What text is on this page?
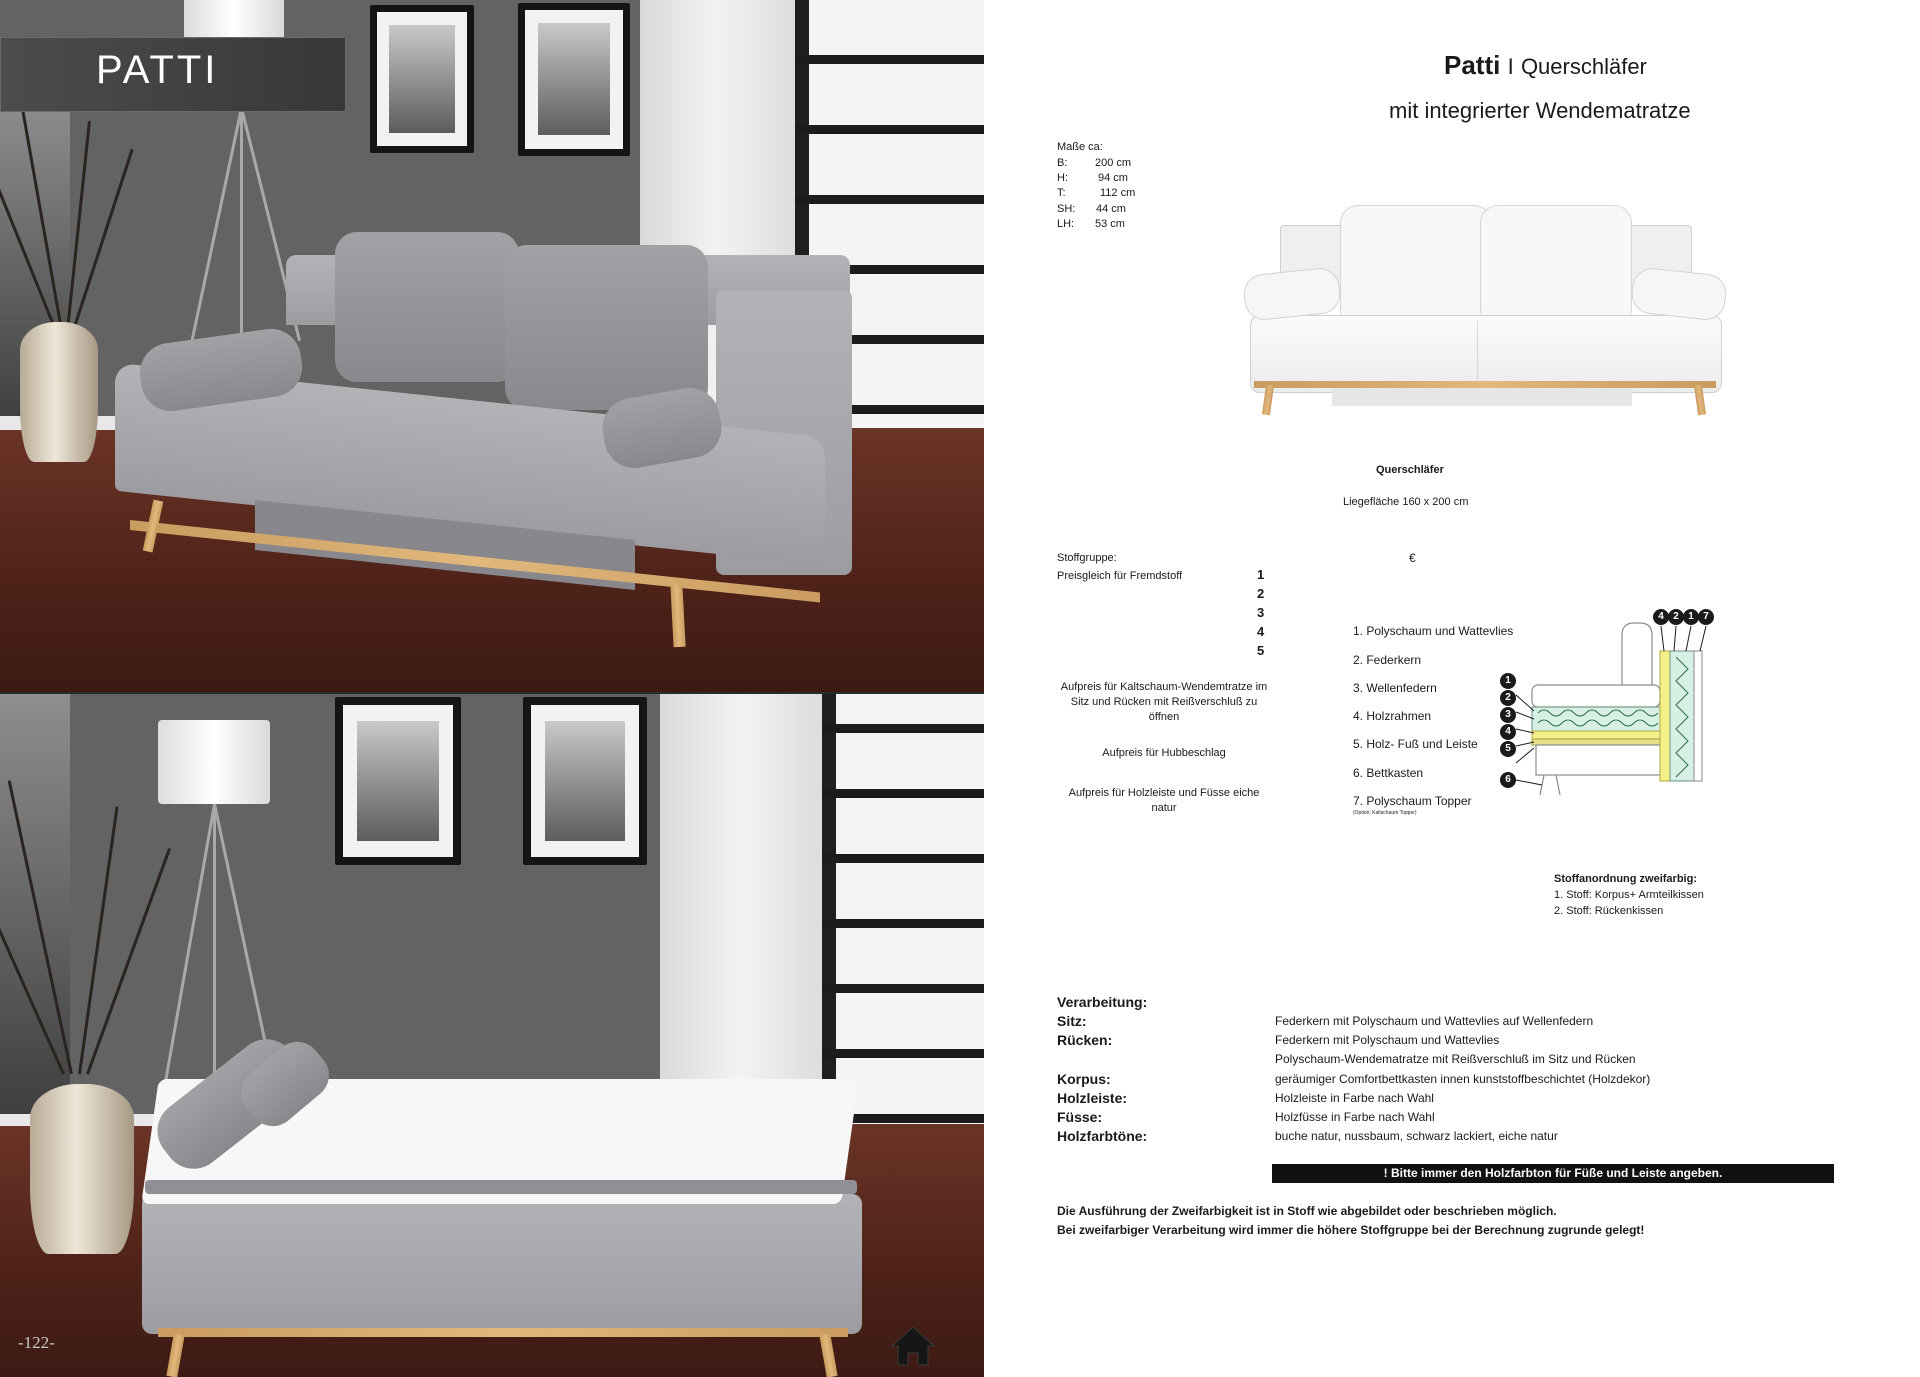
PATTI
-122-
Patti I Querschläfer
mit integrierter Wendematratze
Maße ca:
B:	200 cm
H:	94 cm
T:	112 cm
SH: 44 cm
LH: 53 cm
Querschläfer
Liegefläche 160 x 200 cm
Stoffgruppe:	€
Preisgleich für Fremdstoff	1
2
3
4
5
Aufpreis für Kaltschaum-Wendemtratze im Sitz und Rücken mit Reißverschluß zu öffnen
Aufpreis für Hubbeschlag
Aufpreis für Holzleiste und Füsse eiche natur
1. Polyschaum und Wattevlies
2. Federkern
3. Wellenfedern
4. Holzrahmen
5. Holz- Fuß und Leiste
6. Bettkasten
7. Polyschaum Topper
(Option: Kaltschaum Topper)
1
2
3
4
5
6
4 2 1 7
Stoffanordnung zweifarbig:
1. Stoff: Korpus+ Armteilkissen
2. Stoff: Rückenkissen
Verarbeitung:
Sitz:	Federkern mit Polyschaum und Wattevlies auf Wellenfedern
Rücken:	Federkern mit Polyschaum und Wattevlies
Polyschaum-Wendematratze mit Reißverschluß im Sitz und Rücken
Korpus:	geräumiger Comfortbettkasten innen kunststoffbeschichtet (Holzdekor)
Holzleiste:	Holzleiste in Farbe nach Wahl
Füsse:	Holzfüsse in Farbe nach Wahl
Holzfarbtöne:	buche natur, nussbaum, schwarz lackiert, eiche natur
! Bitte immer den Holzfarbton für Füße und Leiste angeben.
Die Ausführung der Zweifarbigkeit ist in Stoff wie abgebildet oder beschrieben möglich.
Bei zweifarbiger Verarbeitung wird immer die höhere Stoffgruppe bei der Berechnung zugrunde gelegt!
